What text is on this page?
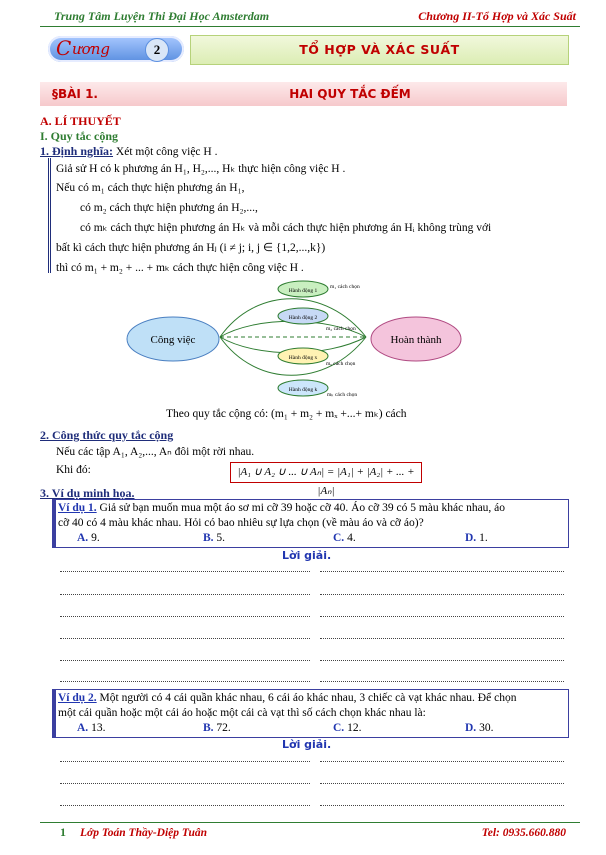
Trung Tâm Luyện Thi Đại Học Amsterdam	Chương II-Tổ Hợp và Xác Suất
C ương	2	TỔ HỢP VÀ XÁC SUẤT
§BÀI 1.	HAI QUY TẮC ĐẾM
A. LÍ THUYẾT
I. Quy tắc cộng
1. Định nghĩa: Xét một công việc H .
Giả sử H có k phương án H₁, H₂,..., Hₖ thực hiện công việc H .
Nếu có m₁ cách thực hiện phương án H₁,
có m₂ cách thực hiện phương án H₂,...,
có mₖ cách thực hiện phương án Hₖ và mỗi cách thực hiện phương án Hᵢ không trùng với
bất kì cách thực hiện phương án Hⱼ (i ≠ j; i, j ∈ {1,2,...,k})
thì có m₁ + m₂ + ... + mₖ cách thực hiện công việc H .
Công việc	Hoàn thành
Hành động 1
m₁ cách chọn
Hành động 2
m₂ cách chọn
Hành động x
mₓ cách chọn
Hành động k
mₖ cách chọn
Theo quy tắc cộng có: (m₁ + m₂ + mₓ +...+ mₖ) cách
2. Công thức quy tắc cộng
Nếu các tập A₁, A₂,..., Aₙ đôi một rời nhau.
Khi đó:	|A₁ ∪ A₂ ∪ ... ∪ Aₙ| = |A₁| + |A₂| + ... + |Aₙ|
3. Ví dụ minh họa.
Ví dụ 1. Giả sử bạn muốn mua một áo sơ mi cỡ 39 hoặc cỡ 40. Áo cỡ 39 có 5 màu khác nhau, áo
cỡ 40 có 4 màu khác nhau. Hỏi có bao nhiêu sự lựa chọn (về màu áo và cỡ áo)?
A. 9.	B. 5.	C. 4.	D. 1.
Lời giải.
Ví dụ 2. Một người có 4 cái quần khác nhau, 6 cái áo khác nhau, 3 chiếc cà vạt khác nhau. Để chọn
một cái quần hoặc một cái áo hoặc một cái cà vạt thì số cách chọn khác nhau là:
A. 13.	B. 72.	C. 12.	D. 30.
Lời giải.
1 Lớp Toán Thầy-Diệp Tuân	Tel: 0935.660.880
